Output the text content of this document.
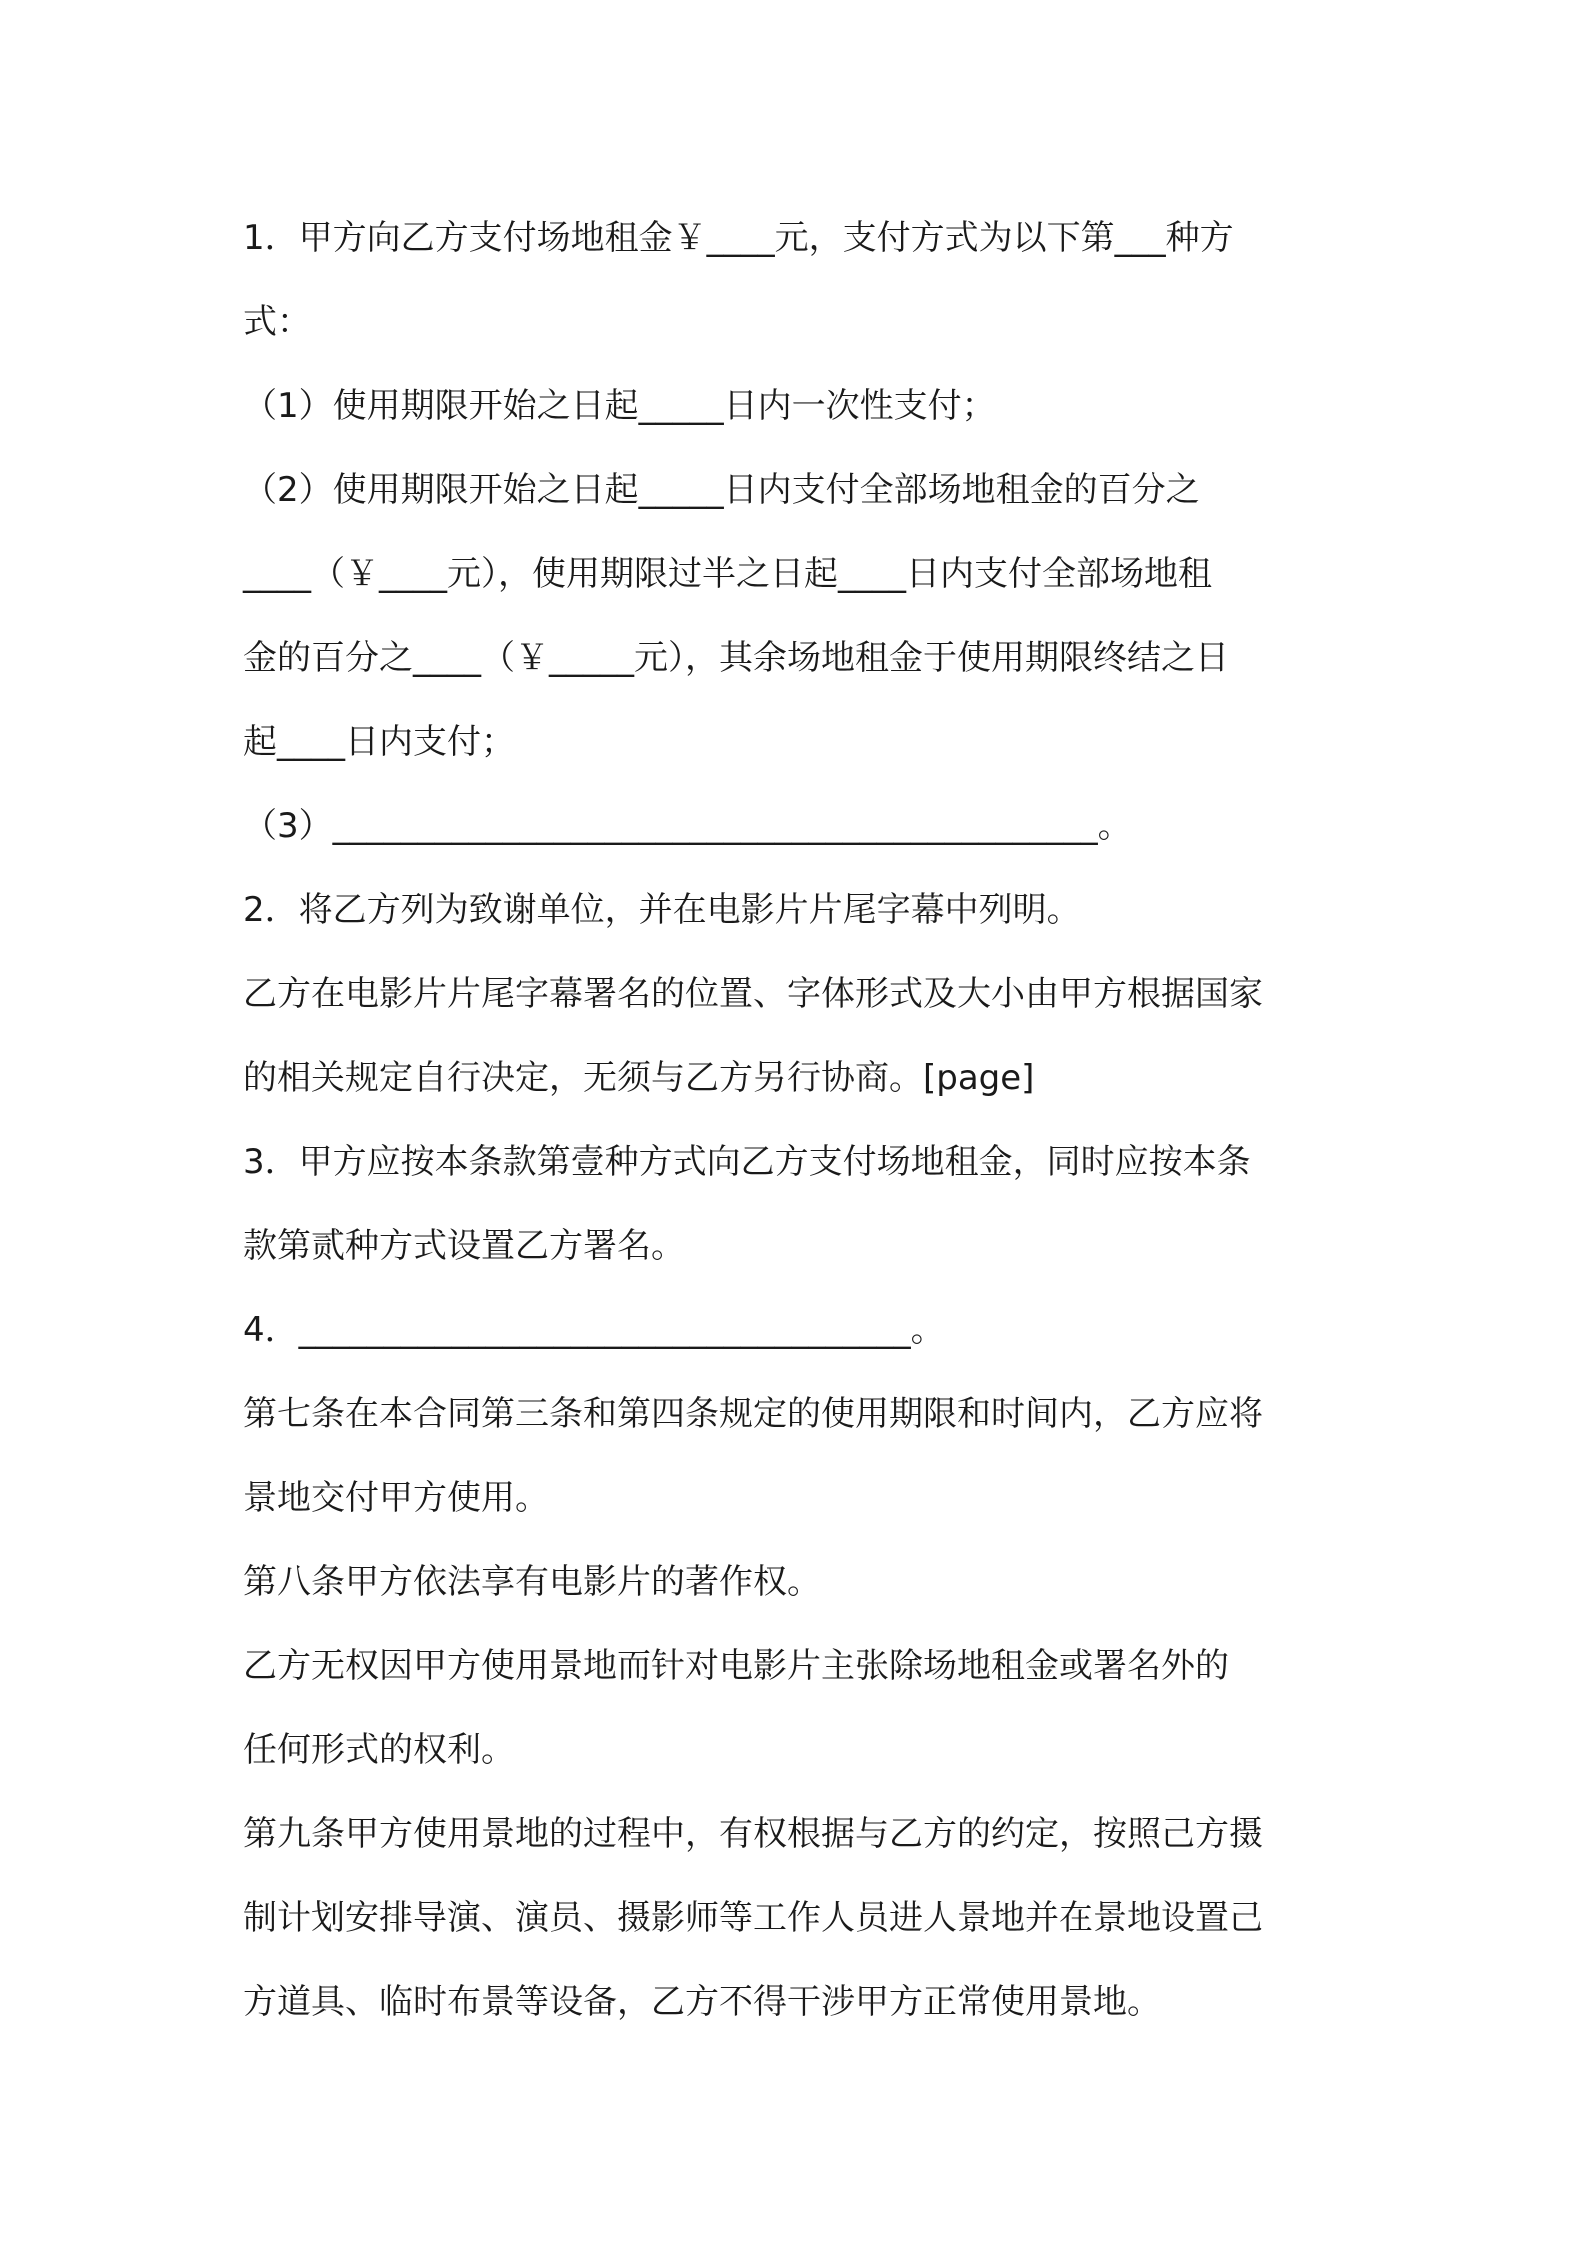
1．甲方向乙方支付场地租金￥____元，支付方式为以下第___种方
式：
（1）使用期限开始之日起_____日内一次性支付；
（2）使用期限开始之日起_____日内支付全部场地租金的百分之
____（￥____元），使用期限过半之日起____日内支付全部场地租
金的百分之____（￥_____元），其余场地租金于使用期限终结之日
起____日内支付；
（3）_____________________________________________。
2．将乙方列为致谢单位，并在电影片片尾字幕中列明。
乙方在电影片片尾字幕署名的位置、字体形式及大小由甲方根据国家
的相关规定自行决定，无须与乙方另行协商。[page]
3．甲方应按本条款第壹种方式向乙方支付场地租金，同时应按本条
款第贰种方式设置乙方署名。
4．____________________________________。
第七条在本合同第三条和第四条规定的使用期限和时间内，乙方应将
景地交付甲方使用。
第八条甲方依法享有电影片的著作权。
乙方无权因甲方使用景地而针对电影片主张除场地租金或署名外的
任何形式的权利。
第九条甲方使用景地的过程中，有权根据与乙方的约定，按照己方摄
制计划安排导演、演员、摄影师等工作人员进人景地并在景地设置己
方道具、临时布景等设备，乙方不得干涉甲方正常使用景地。
